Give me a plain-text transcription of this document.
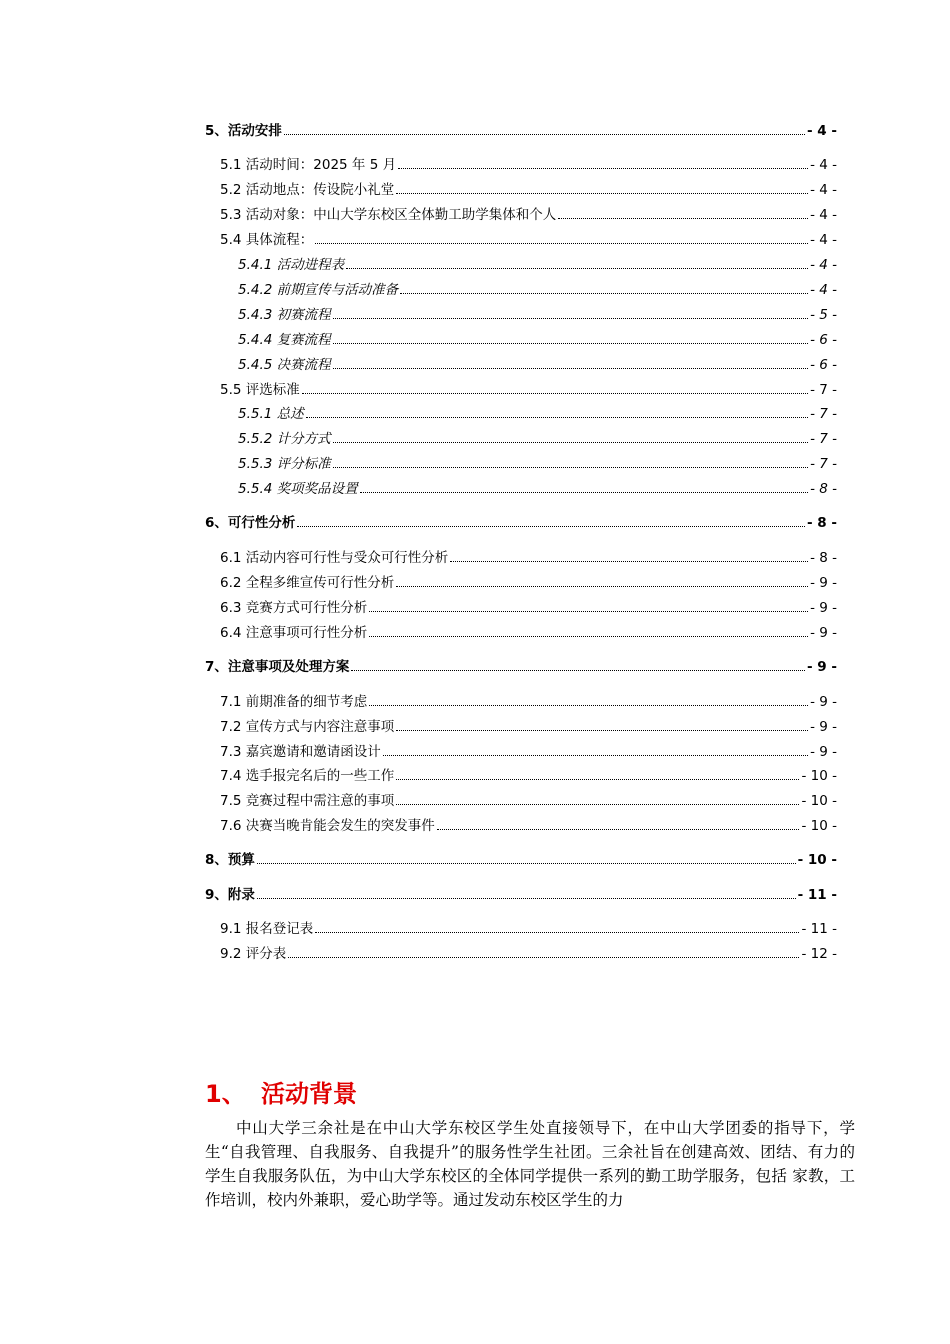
5、活动安排	- 4 -
5.1 活动时间：2025 年 5 月	- 4 -
5.2 活动地点：传设院小礼堂	- 4 -
5.3 活动对象：中山大学东校区全体勤工助学集体和个人	- 4 -
5.4 具体流程：	- 4 -
5.4.1 活动进程表	- 4 -
5.4.2 前期宣传与活动准备	- 4 -
5.4.3 初赛流程	- 5 -
5.4.4 复赛流程	- 6 -
5.4.5 决赛流程	- 6 -
5.5 评选标准	- 7 -
5.5.1 总述	- 7 -
5.5.2 计分方式	- 7 -
5.5.3 评分标准	- 7 -
5.5.4 奖项奖品设置	- 8 -
6、可行性分析	- 8 -
6.1 活动内容可行性与受众可行性分析	- 8 -
6.2 全程多维宣传可行性分析	- 9 -
6.3 竞赛方式可行性分析	- 9 -
6.4 注意事项可行性分析	- 9 -
7、注意事项及处理方案	- 9 -
7.1 前期准备的细节考虑	- 9 -
7.2 宣传方式与内容注意事项	- 9 -
7.3 嘉宾邀请和邀请函设计	- 9 -
7.4 选手报完名后的一些工作	- 10 -
7.5 竞赛过程中需注意的事项	- 10 -
7.6 决赛当晚肯能会发生的突发事件	- 10 -
8、预算	- 10 -
9、附录	- 11 -
9.1 报名登记表	- 11 -
9.2 评分表	- 12 -
1、 活动背景

中山大学三余社是在中山大学东校区学生处直接领导下，在中山大学团委的指导下，学生“自我管理、自我服务、自我提升”的服务性学生社团。三余社旨在创建高效、团结、有力的学生自我服务队伍，为中山大学东校区的全体同学提供一系列的勤工助学服务，包括 家教，工作培训，校内外兼职，爱心助学等。通过发动东校区学生的力
